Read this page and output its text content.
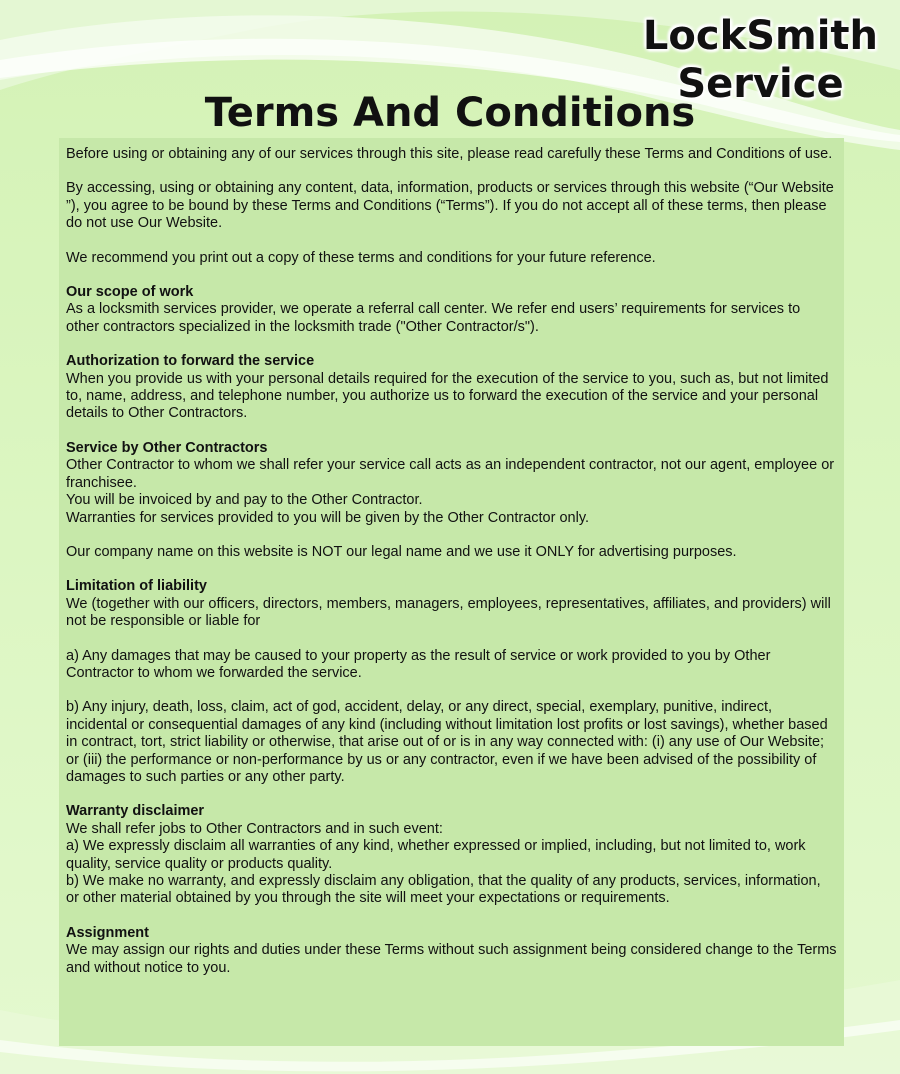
LockSmith
Service
Terms And Conditions

Before using or obtaining any of our services through this site, please read carefully these Terms and Conditions of use.

By accessing, using or obtaining any content, data, information, products or services through this website (“Our Website ”), you agree to be bound by these Terms and Conditions (“Terms”). If you do not accept all of these terms, then please do not use Our Website.

We recommend you print out a copy of these terms and conditions for your future reference.

Our scope of work
As a locksmith services provider, we operate a referral call center. We refer end users’ requirements for services to other contractors specialized in the locksmith trade ("Other Contractor/s").
Authorization to forward the service
When you provide us with your personal details required for the execution of the service to you, such as, but not limited to, name, address, and telephone number, you authorize us to forward the execution of the service and your personal details to Other Contractors.
Service by Other Contractors
Other Contractor to whom we shall refer your service call acts as an independent contractor, not our agent, employee or franchisee.
You will be invoiced by and pay to the Other Contractor.
Warranties for services provided to you will be given by the Other Contractor only.

Our company name on this website is NOT our legal name and we use it ONLY for advertising purposes.

Limitation of liability
We (together with our officers, directors, members, managers, employees, representatives, affiliates, and providers) will not be responsible or liable for

a) Any damages that may be caused to your property as the result of service or work provided to you by Other Contractor to whom we forwarded the service.

b) Any injury, death, loss, claim, act of god, accident, delay, or any direct, special, exemplary, punitive, indirect, incidental or consequential damages of any kind (including without limitation lost profits or lost savings), whether based in contract, tort, strict liability or otherwise, that arise out of or is in any way connected with: (i) any use of Our Website; or (iii) the performance or non-performance by us or any contractor, even if we have been advised of the possibility of damages to such parties or any other party.

Warranty disclaimer
We shall refer jobs to Other Contractors and in such event:
a) We expressly disclaim all warranties of any kind, whether expressed or implied, including, but not limited to, work quality, service quality or products quality.
b) We make no warranty, and expressly disclaim any obligation, that the quality of any products, services, information, or other material obtained by you through the site will meet your expectations or requirements.
Assignment
We may assign our rights and duties under these Terms without such assignment being considered change to the Terms and without notice to you.
